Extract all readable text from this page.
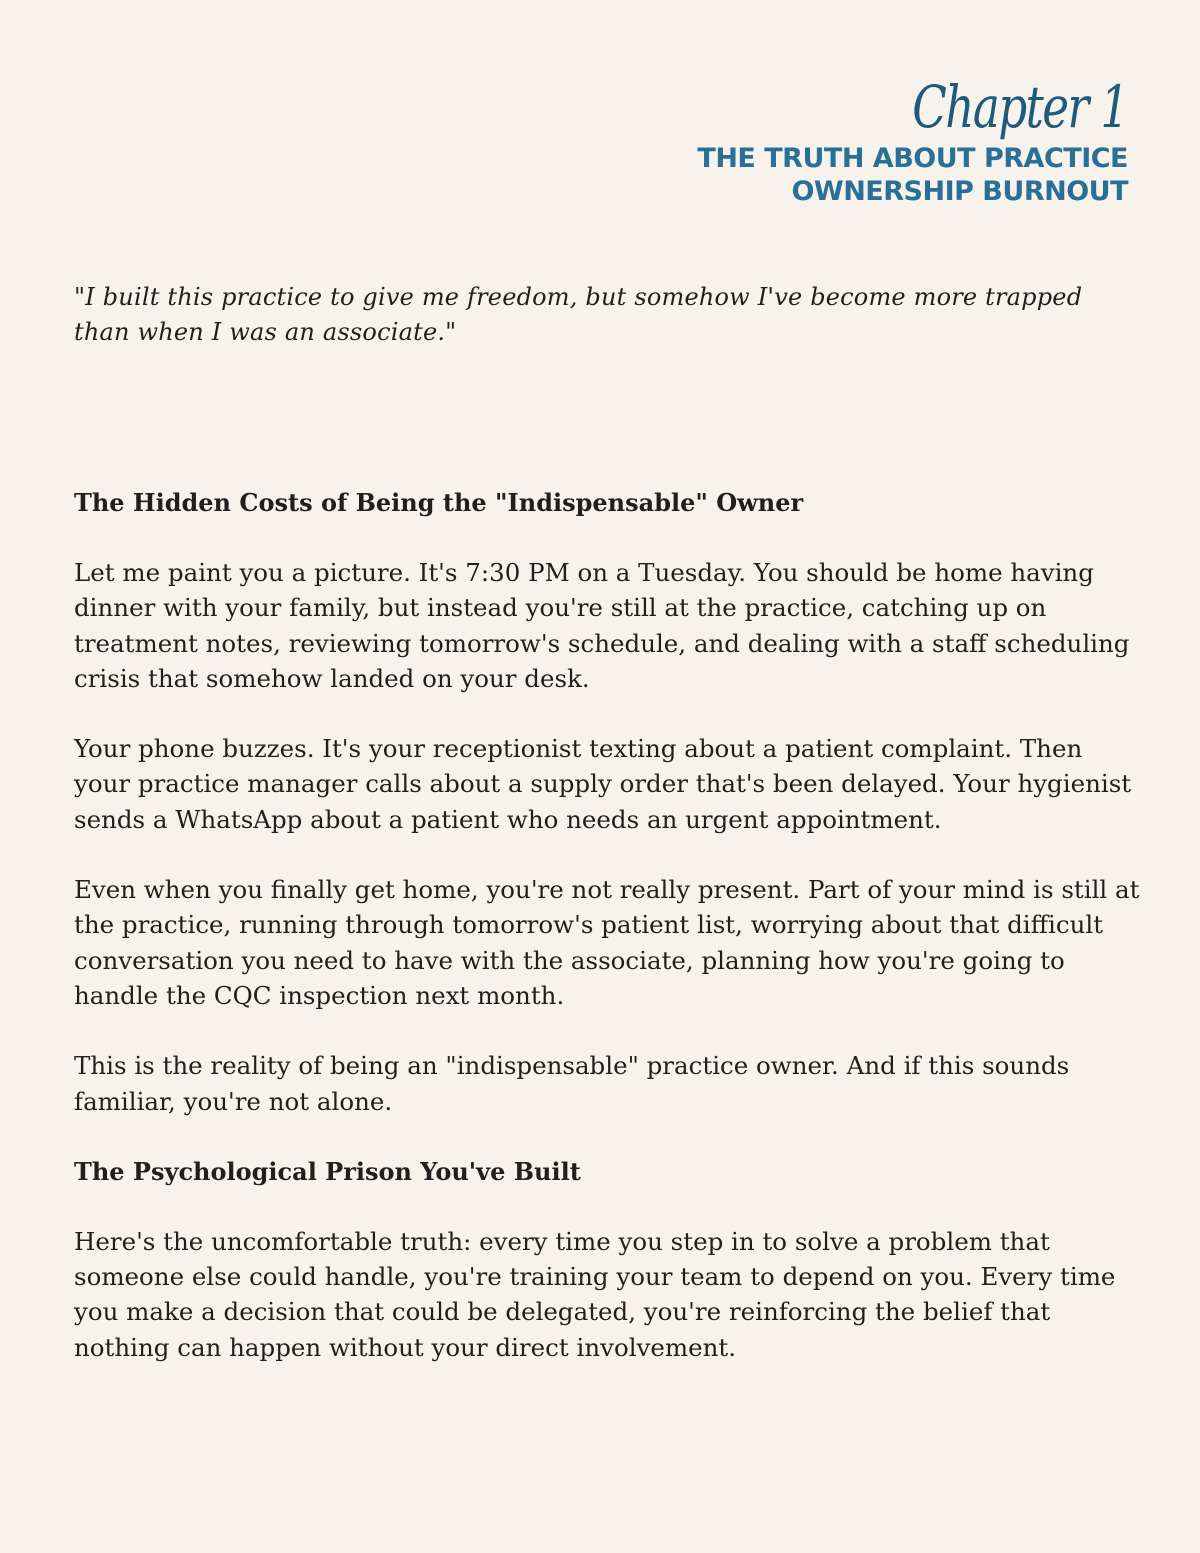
Chapter 1
THE TRUTH ABOUT PRACTICE
OWNERSHIP BURNOUT

"I built this practice to give me freedom, but somehow I've become more trapped than when I was an associate."

The Hidden Costs of Being the "Indispensable" Owner

Let me paint you a picture. It's 7:30 PM on a Tuesday. You should be home having dinner with your family, but instead you're still at the practice, catching up on treatment notes, reviewing tomorrow's schedule, and dealing with a staff scheduling crisis that somehow landed on your desk.

Your phone buzzes. It's your receptionist texting about a patient complaint. Then your practice manager calls about a supply order that's been delayed. Your hygienist sends a WhatsApp about a patient who needs an urgent appointment.

Even when you finally get home, you're not really present. Part of your mind is still at the practice, running through tomorrow's patient list, worrying about that difficult conversation you need to have with the associate, planning how you're going to handle the CQC inspection next month.

This is the reality of being an "indispensable" practice owner. And if this sounds familiar, you're not alone.

The Psychological Prison You've Built

Here's the uncomfortable truth: every time you step in to solve a problem that someone else could handle, you're training your team to depend on you. Every time you make a decision that could be delegated, you're reinforcing the belief that nothing can happen without your direct involvement.
